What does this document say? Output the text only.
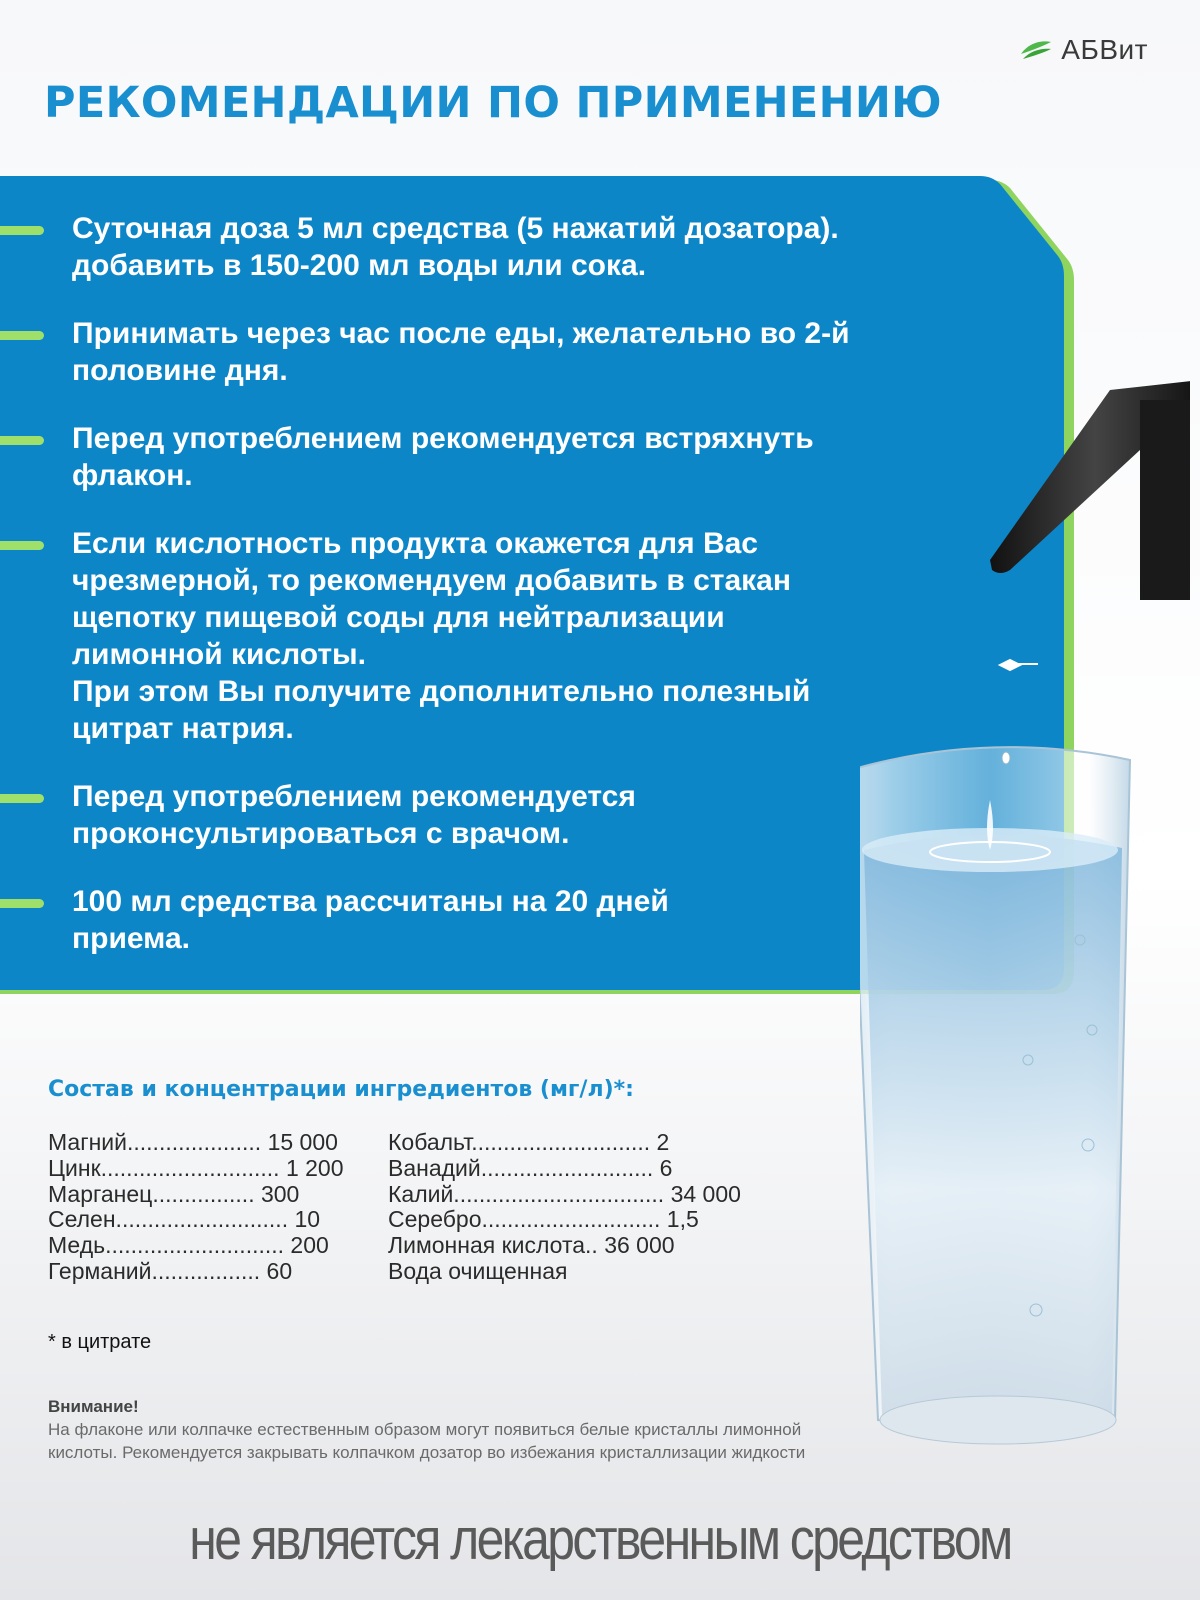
АБВит
РЕКОМЕНДАЦИИ ПО ПРИМЕНЕНИЮ
Суточная доза 5 мл средства (5 нажатий дозатора).
добавить в 150-200 мл воды или сока.
Принимать через час после еды, желательно во 2-й
половине дня.
Перед употреблением рекомендуется встряхнуть
флакон.
Если кислотность продукта окажется для Вас
чрезмерной, то рекомендуем добавить в стакан
щепотку пищевой соды для нейтрализации
лимонной кислоты.
При этом Вы получите дополнительно полезный
цитрат натрия.
Перед употреблением рекомендуется
проконсультироваться с врачом.
100 мл средства рассчитаны на 20 дней
приема.
Состав и концентрации ингредиентов (мг/л)*:
Магний..................... 15 000
Цинк............................ 1 200
Марганец................ 300
Селен........................... 10
Медь............................ 200
Германий................. 60
Кобальт............................ 2
Ванадий........................... 6
Калий................................. 34 000
Серебро............................ 1,5
Лимонная кислота.. 36 000
Вода очищенная
* в цитрате
Внимание!
На флаконе или колпачке естественным образом могут появиться белые кристаллы лимонной кислоты. Рекомендуется закрывать колпачком дозатор во избежания кристаллизации жидкости
не является лекарственным средством
